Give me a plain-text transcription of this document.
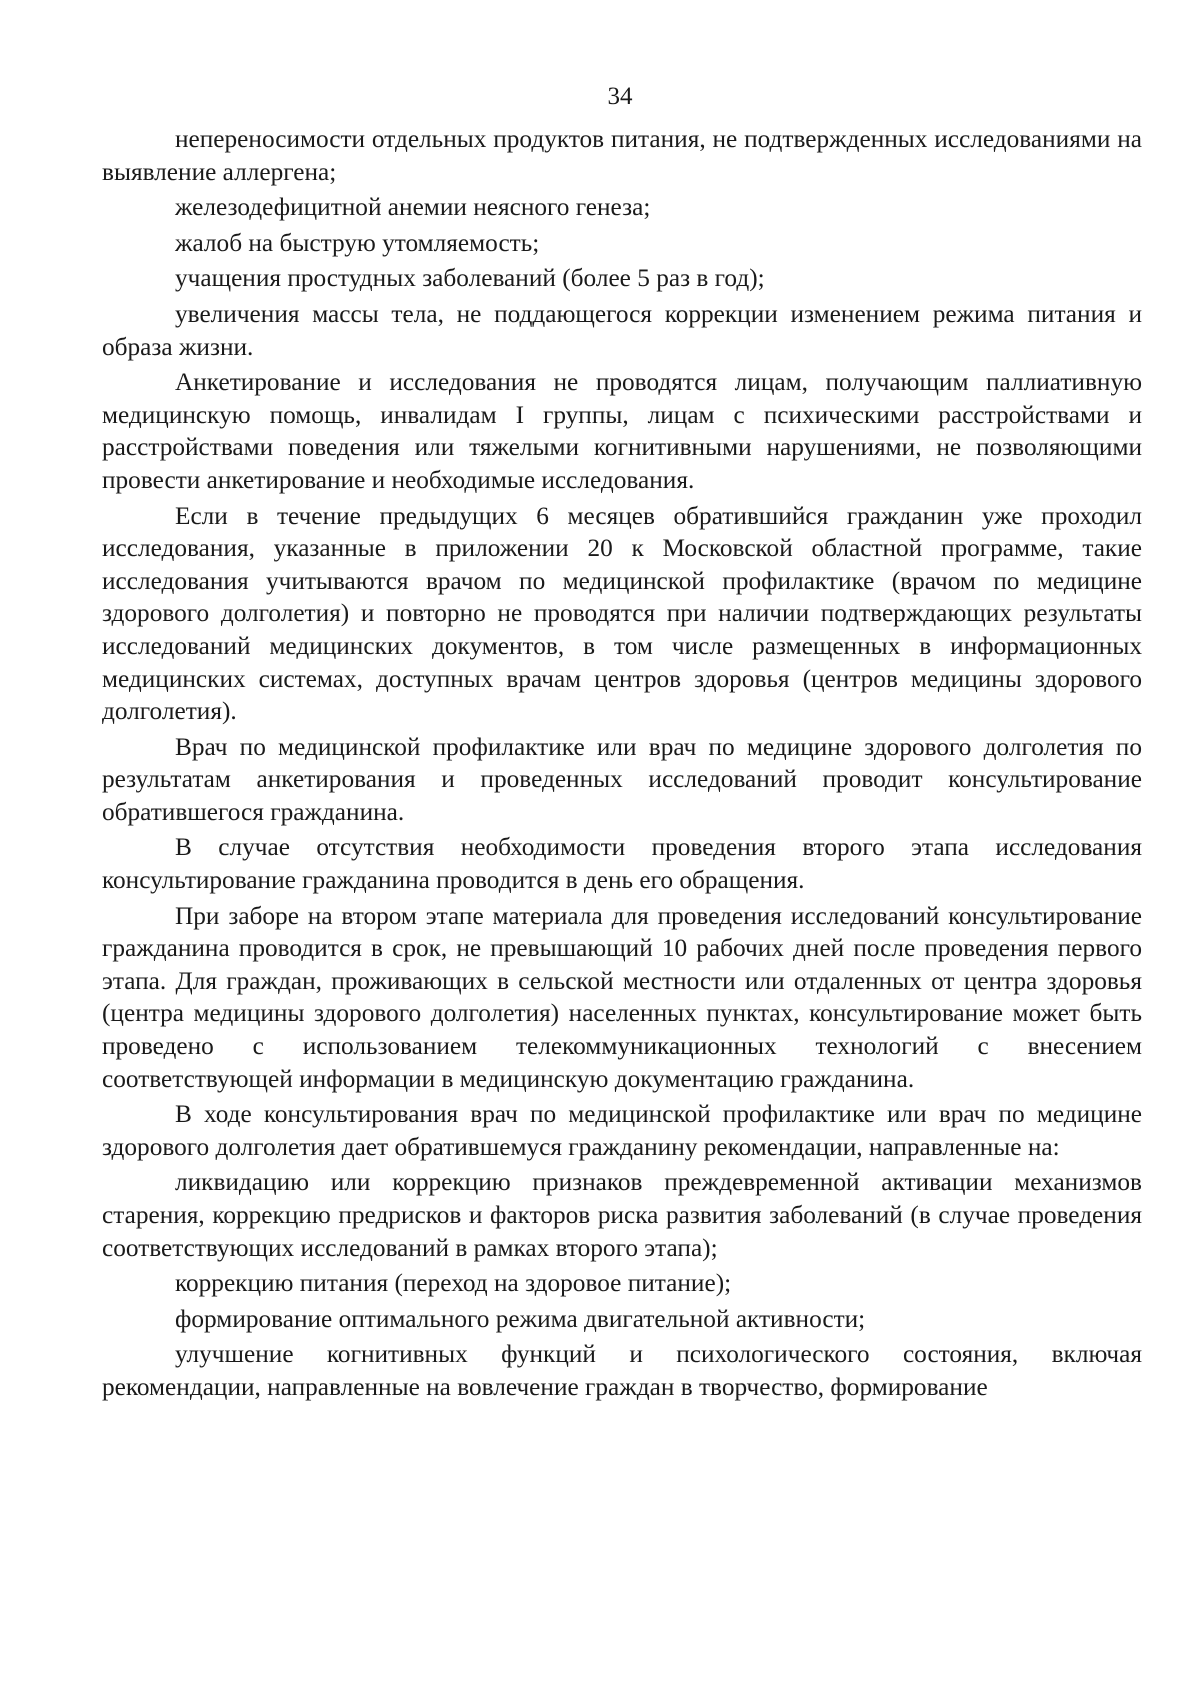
34

непереносимости отдельных продуктов питания, не подтвержденных исследованиями на выявление аллергена;

железодефицитной анемии неясного генеза;

жалоб на быструю утомляемость;

учащения простудных заболеваний (более 5 раз в год);

увеличения массы тела, не поддающегося коррекции изменением режима питания и образа жизни.

Анкетирование и исследования не проводятся лицам, получающим паллиативную медицинскую помощь, инвалидам I группы, лицам с психическими расстройствами и расстройствами поведения или тяжелыми когнитивными нарушениями, не позволяющими провести анкетирование и необходимые исследования.

Если в течение предыдущих 6 месяцев обратившийся гражданин уже проходил исследования, указанные в приложении 20 к Московской областной программе, такие исследования учитываются врачом по медицинской профилактике (врачом по медицине здорового долголетия) и повторно не проводятся при наличии подтверждающих результаты исследований медицинских документов, в том числе размещенных в информационных медицинских системах, доступных врачам центров здоровья (центров медицины здорового долголетия).

Врач по медицинской профилактике или врач по медицине здорового долголетия по результатам анкетирования и проведенных исследований проводит консультирование обратившегося гражданина.

В случае отсутствия необходимости проведения второго этапа исследования консультирование гражданина проводится в день его обращения.

При заборе на втором этапе материала для проведения исследований консультирование гражданина проводится в срок, не превышающий 10 рабочих дней после проведения первого этапа. Для граждан, проживающих в сельской местности или отдаленных от центра здоровья (центра медицины здорового долголетия) населенных пунктах, консультирование может быть проведено с использованием телекоммуникационных технологий с внесением соответствующей информации в медицинскую документацию гражданина.

В ходе консультирования врач по медицинской профилактике или врач по медицине здорового долголетия дает обратившемуся гражданину рекомендации, направленные на:

ликвидацию или коррекцию признаков преждевременной активации механизмов старения, коррекцию предрисков и факторов риска развития заболеваний (в случае проведения соответствующих исследований в рамках второго этапа);

коррекцию питания (переход на здоровое питание);

формирование оптимального режима двигательной активности;

улучшение когнитивных функций и психологического состояния, включая рекомендации, направленные на вовлечение граждан в творчество, формирование
